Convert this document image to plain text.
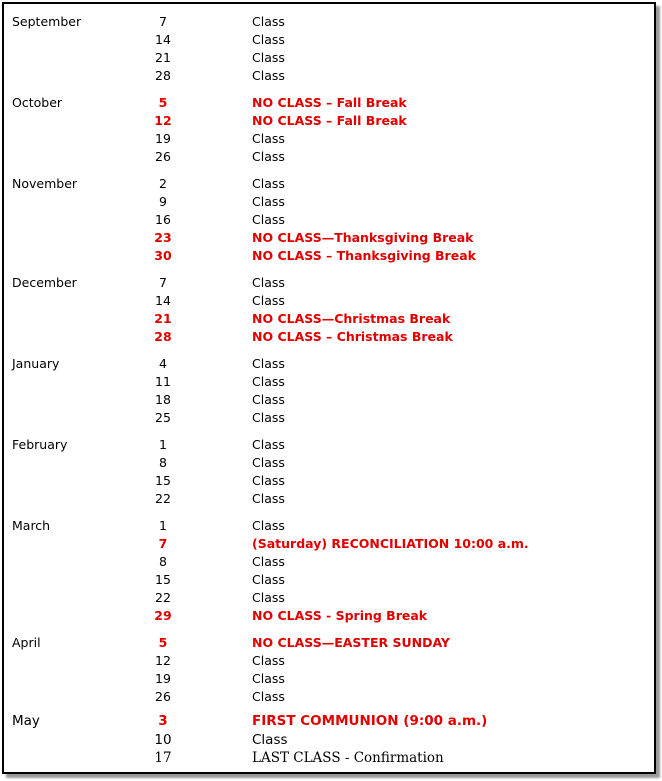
September	7	Class
14	Class
21	Class
28	Class
October	5	NO CLASS – Fall Break
12	NO CLASS – Fall Break
19	Class
26	Class
November	2	Class
9	Class
16	Class
23	NO CLASS—Thanksgiving Break
30	NO CLASS – Thanksgiving Break
December	7	Class
14	Class
21	NO CLASS—Christmas Break
28	NO CLASS – Christmas Break
January	4	Class
11	Class
18	Class
25	Class
February	1	Class
8	Class
15	Class
22	Class
March	1	Class
7	(Saturday) RECONCILIATION 10:00 a.m.
8	Class
15	Class
22	Class
29	NO CLASS - Spring Break
April	5	NO CLASS—EASTER SUNDAY
12	Class
19	Class
26	Class
May	3	FIRST COMMUNION (9:00 a.m.)
10	Class
17	LAST CLASS - Confirmation
